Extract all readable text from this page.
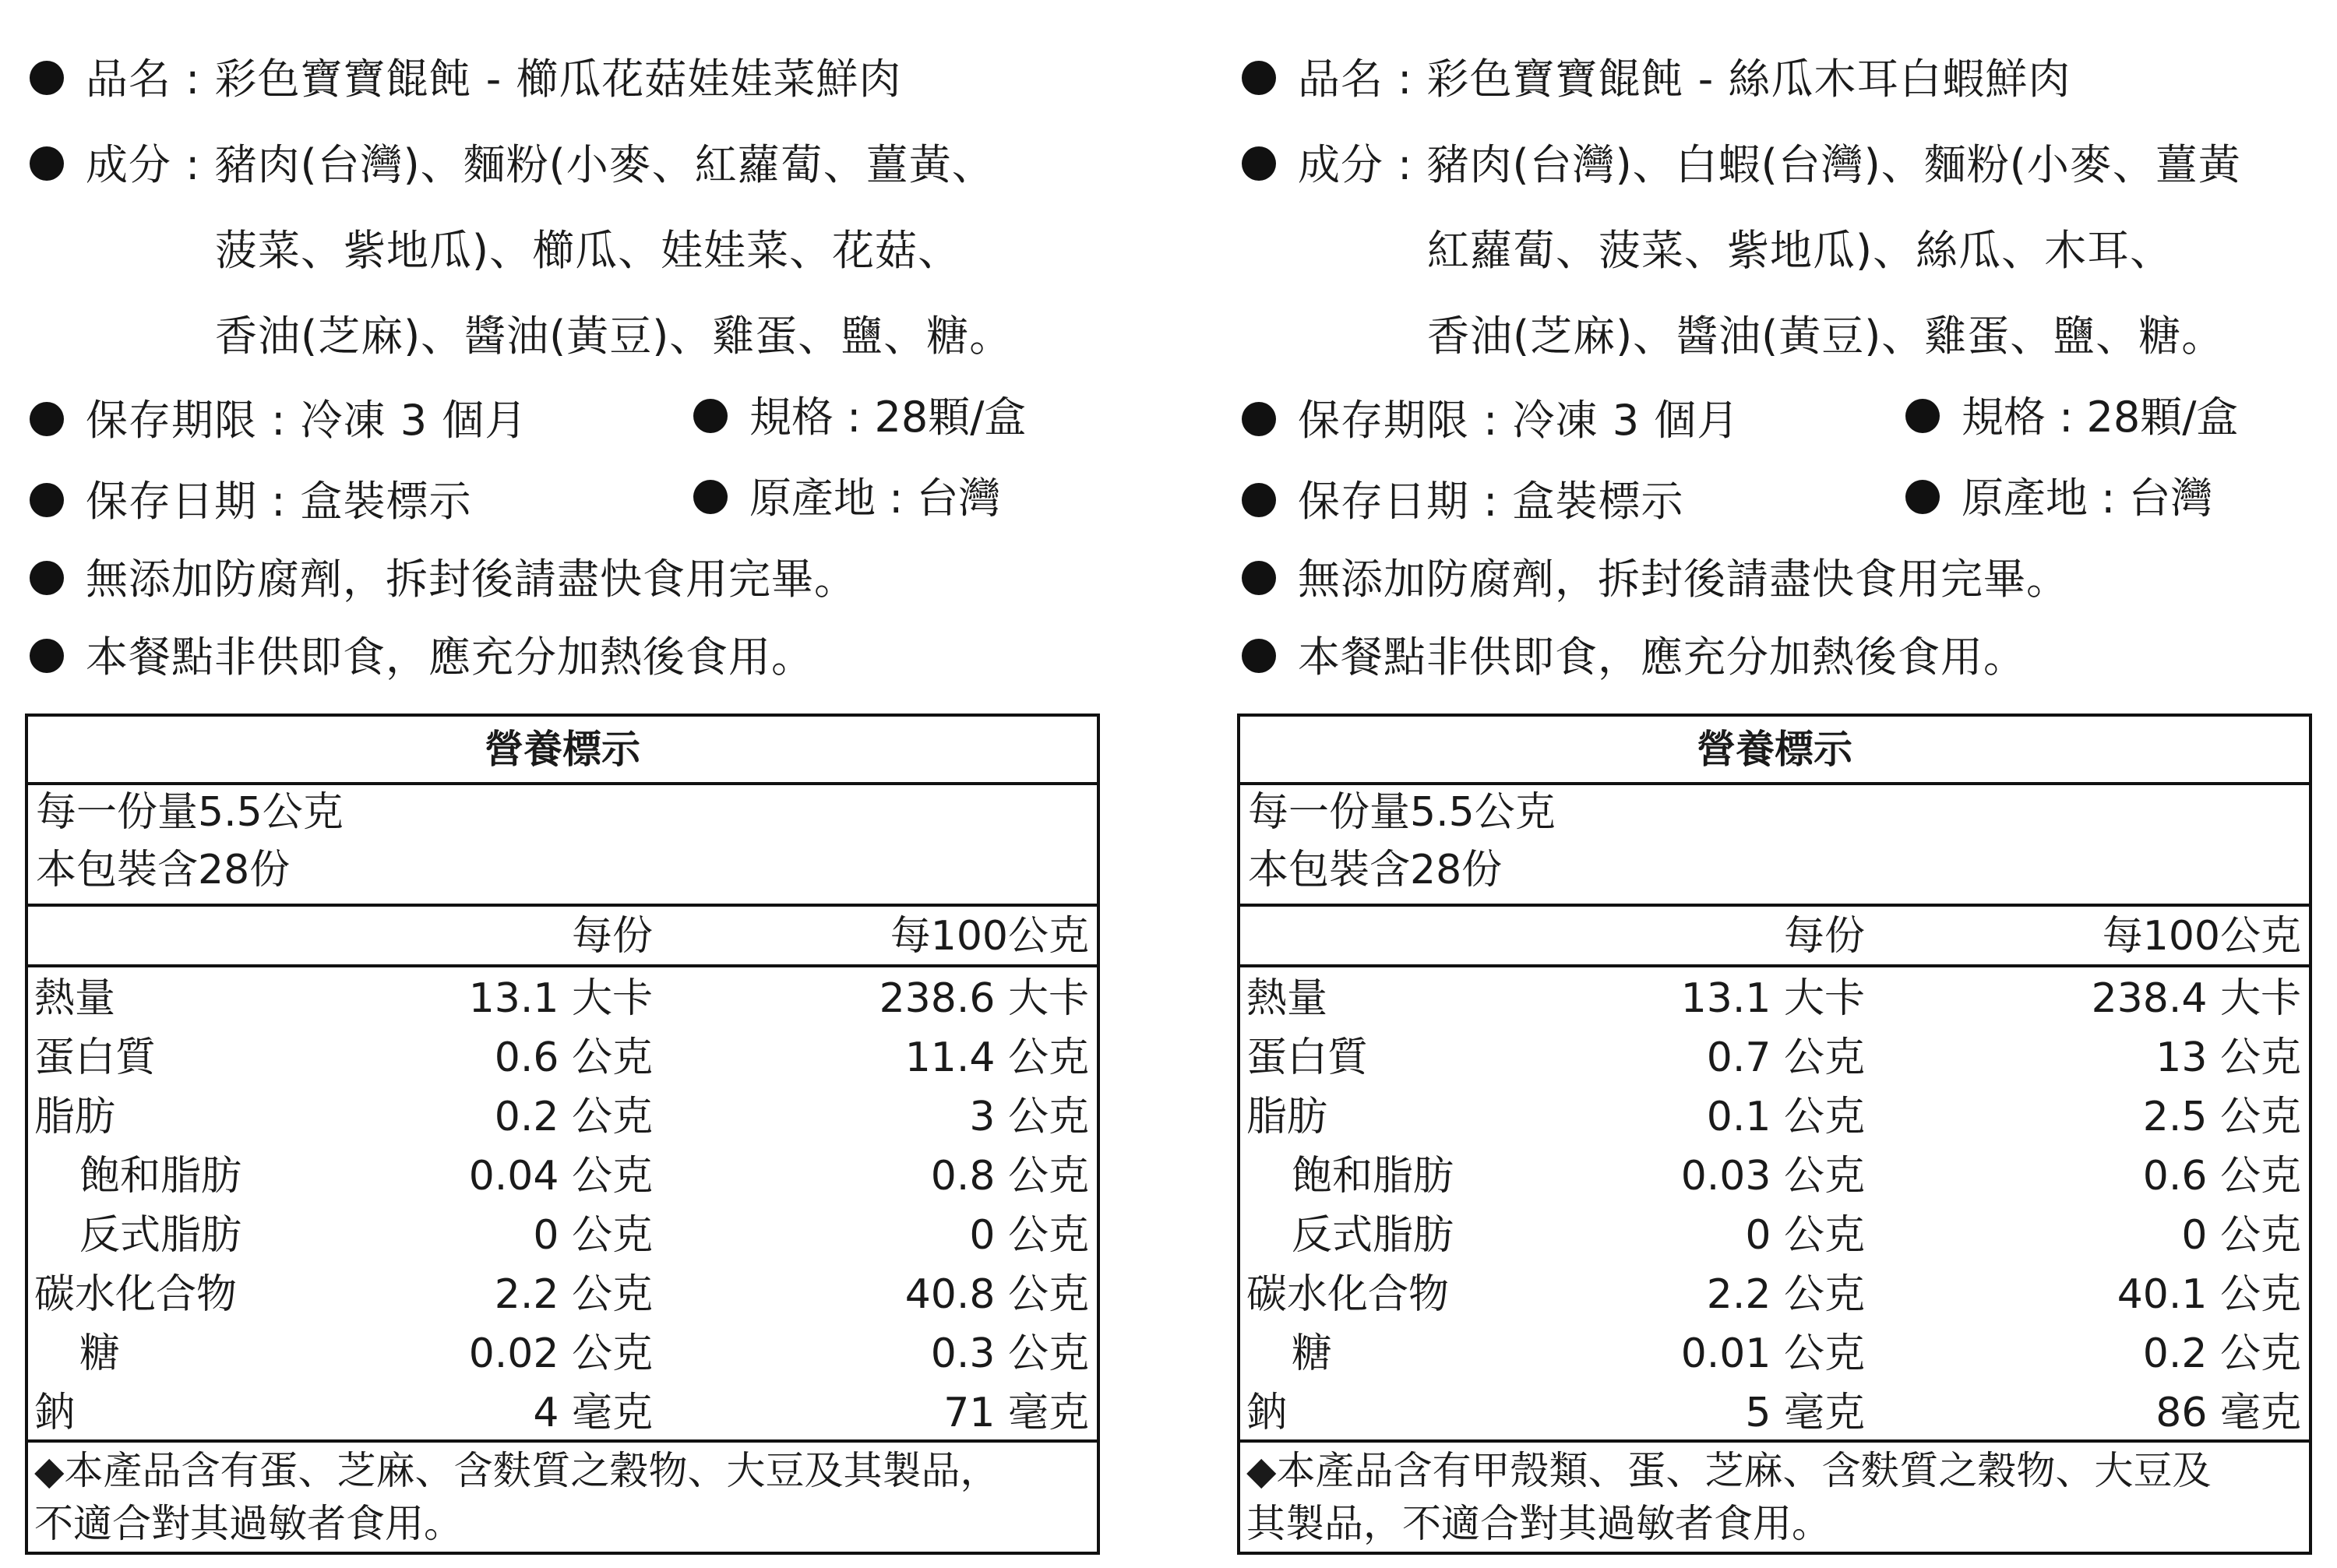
品名 : 彩色寶寶餛飩 - 櫛瓜花菇娃娃菜鮮肉
成分 : 豬肉(台灣)、麵粉(小麥、紅蘿蔔、薑黃、
菠菜、紫地瓜)、櫛瓜、娃娃菜、花菇、
香油(芝麻)、醬油(黃豆)、雞蛋、鹽、糖。
保存期限 : 冷凍 3 個月	規格 : 28顆/盒
保存日期 : 盒裝標示	原產地 : 台灣
無添加防腐劑，拆封後請盡快食用完畢。
本餐點非供即食，應充分加熱後食用。
營養標示
每一份量5.5公克
本包裝含28份
每份	每100公克
熱量	13.1 大卡	238.6 大卡
蛋白質	0.6 公克	11.4 公克
脂肪	0.2 公克	3 公克
飽和脂肪	0.04 公克	0.8 公克
反式脂肪	0 公克	0 公克
碳水化合物	2.2 公克	40.8 公克
糖	0.02 公克	0.3 公克
鈉	4 毫克	71 毫克
◆本產品含有蛋、芝麻、含麩質之穀物、大豆及其製品，
不適合對其過敏者食用。
品名 : 彩色寶寶餛飩 - 絲瓜木耳白蝦鮮肉
成分 : 豬肉(台灣)、白蝦(台灣)、麵粉(小麥、薑黃
紅蘿蔔、菠菜、紫地瓜)、絲瓜、木耳、
香油(芝麻)、醬油(黃豆)、雞蛋、鹽、糖。
保存期限 : 冷凍 3 個月	規格 : 28顆/盒
保存日期 : 盒裝標示	原產地 : 台灣
無添加防腐劑，拆封後請盡快食用完畢。
本餐點非供即食，應充分加熱後食用。
營養標示
每一份量5.5公克
本包裝含28份
每份	每100公克
熱量	13.1 大卡	238.4 大卡
蛋白質	0.7 公克	13 公克
脂肪	0.1 公克	2.5 公克
飽和脂肪	0.03 公克	0.6 公克
反式脂肪	0 公克	0 公克
碳水化合物	2.2 公克	40.1 公克
糖	0.01 公克	0.2 公克
鈉	5 毫克	86 毫克
◆本產品含有甲殼類、蛋、芝麻、含麩質之穀物、大豆及
其製品，不適合對其過敏者食用。
